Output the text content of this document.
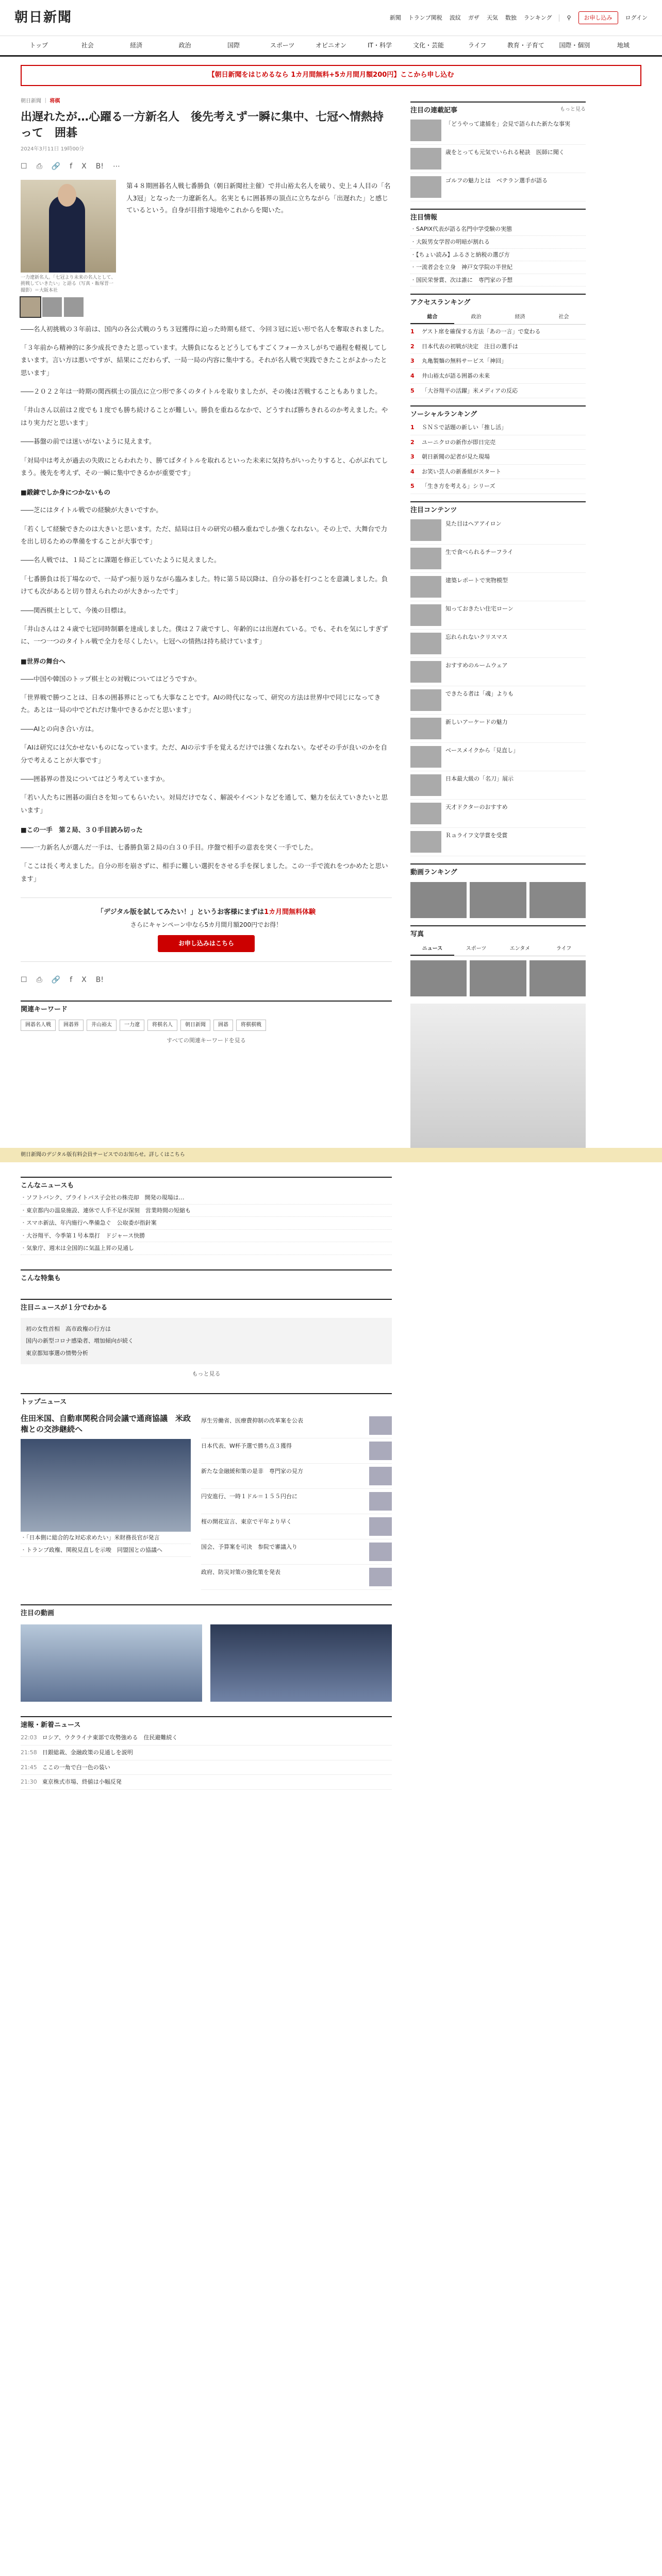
朝日新聞	新聞 トランプ関税 波紋 ガザ 天気 数独 ランキング	⚲	お申し込み	ログイン
トップ	社会	経済	政治	国際	スポーツ	オピニオン	IT・科学	文化・芸能	ライフ	教育・子育て	国際・個別	地域
【朝日新聞をはじめるなら 1カ月間無料+5カ月間月額200円】ここから申し込む
朝日新聞 ｜ 将棋
出遅れたが…心躍る一方新名人　後先考えず一瞬に集中、七冠へ情熱持って　囲碁
2024年3月11日 19時00分
☐ ⎙ 🔗 f X B! ⋯
一力遼新名人。「七冠より未来の名人として、挑戦していきたい」と語る（写真・飯塚晋一撮影）＝大阪本社
第４８期囲碁名人戦七番勝負（朝日新聞社主催）で井山裕太名人を破り、史上４人目の「名人3冠」となった一力遼新名人。名実ともに囲碁界の頂点に立ちながら「出遅れた」と感じているという。自身が目指す境地やこれからを聞いた。

――名人初挑戦の３年前は、国内の各公式戦のうち３冠獲得に迫った時期も経て、今回３冠に近い形で名人を奪取されました。

「３年前から精神的に多少成長できたと思っています。大勝負になるとどうしてもすごくフォーカスしがちで過程を軽視してしまいます。言い方は悪いですが、結果にこだわらず、一局一局の内容に集中する。それが名人戦で実践できたことがよかったと思います」

――２０２２年は一時期の関西棋士の頂点に立つ形で多くのタイトルを取りましたが、その後は苦戦することもありました。

「井山さん以前は２度でも１度でも勝ち続けることが難しい。勝負を重ねるなかで、どうすれば勝ちきれるのか考えました。やはり実力だと思います」

――碁盤の前では迷いがないように見えます。

「対局中は考えが過去の失敗にとらわれたり、勝てばタイトルを取れるといった未来に気持ちがいったりすると、心がぶれてしまう。後先を考えず、その一瞬に集中できるかが重要です」

■鍛錬でしか身につかないもの

――芝にはタイトル戦での経験が大きいですか。

「若くして経験できたのは大きいと思います。ただ、結局は日々の研究の積み重ねでしか強くなれない。その上で、大舞台で力を出し切るための準備をすることが大事です」

――名人戦では、１局ごとに課題を修正していたように見えました。

「七番勝負は長丁場なので、一局ずつ振り返りながら臨みました。特に第５局以降は、自分の碁を打つことを意識しました。負けても次があると切り替えられたのが大きかったです」

――関西棋士として、今後の目標は。

「井山さんは２４歳で七冠同時制覇を達成しました。僕は２７歳ですし、年齢的には出遅れている。でも、それを気にしすぎずに、一つ一つのタイトル戦で全力を尽くしたい。七冠への情熱は持ち続けています」

■世界の舞台へ

――中国や韓国のトップ棋士との対戦についてはどうですか。

「世界戦で勝つことは、日本の囲碁界にとっても大事なことです。AIの時代になって、研究の方法は世界中で同じになってきた。あとは一局の中でどれだけ集中できるかだと思います」

――AIとの向き合い方は。

「AIは研究には欠かせないものになっています。ただ、AIの示す手を覚えるだけでは強くなれない。なぜその手が良いのかを自分で考えることが大事です」

――囲碁界の普及についてはどう考えていますか。

「若い人たちに囲碁の面白さを知ってもらいたい。対局だけでなく、解説やイベントなどを通して、魅力を伝えていきたいと思います」

■この一手　第２局、３０手目読み切った

――一力新名人が選んだ一手は、七番勝負第２局の白３０手目。序盤で相手の意表を突く一手でした。

「ここは長く考えました。自分の形を崩さずに、相手に難しい選択をさせる手を探しました。この一手で流れをつかめたと思います」

「デジタル版を試してみたい！」というお客様にまずは1カ月間無料体験
さらにキャンペーン中なら5カ月間月額200円でお得！
お申し込みはこちら
☐ ⎙ 🔗 f X B!
関連キーワード
囲碁名人戦	囲碁界	井山裕太	一力遼	将棋名人	朝日新聞	囲碁	将棋棋戦
すべての関連キーワードを見る
注目の連載記事	もっと見る
「どうやって逮捕を」会見で語られた新たな事実
歳をとっても元気でいられる秘訣　医師に聞く
ゴルフの魅力とは　ベテラン選手が語る
注目情報
・ SAPIX代表が語る名門中学受験の実態
・ 大阪男女学習の明暗が割れる
・ 【ちょい読み】ふるさと納税の選び方
・ 一流者会を立身　神戸女学院の半世紀
・ 国民栄誉賞、次は誰に　専門家の予想
アクセスランキング
総合	政治	経済	社会
1	ゲスト席を確保する方法「あの一言」で変わる
2	日本代表の初戦が決定　注目の選手は
3	丸亀製麺の無料サービス「神回」
4	井山裕太が語る囲碁の未来
5	「大谷翔平の活躍」米メディアの反応
ソーシャルランキング
1	ＳＮＳで話題の新しい「推し活」
2	ユーニクロの新作が即日完売
3	朝日新聞の記者が見た現場
4	お笑い芸人の新番組がスタート
5	「生き方を考える」シリーズ
注目コンテンツ
見た目はヘアアイロン
生で食べられるチーフライ
建築レポートで実物模型
知っておきたい住宅ローン
忘れられないクリスマス
おすすめのルームウェア
できたる者は「魂」よりも
新しいアーケードの魅力
ベースメイクから「見直し」
日本最大級の「名刀」展示
天才ドクターのおすすめ
Ｒａライフ文学賞を受賞
動画ランキング
写真
ニュース	スポーツ	エンタメ	ライフ
朝日新聞のデジタル版有料会員サービスでのお知らせ。詳しくはこちら
こんなニュースも
・ ソフトバンク、ブライトパス子会社の株売却　開発の現場は…
・ 東京都内の温泉施設、連休で人手不足が深刻　営業時間の短縮も
・ スマホ新法、年内施行へ準備急ぐ　公取委が指針案
・ 大谷翔平、今季第１号本塁打　ドジャース快勝
・ 気象庁、週末は全国的に気温上昇の見通し
こんな特集も
注目ニュースが１分でわかる
初の女性首相　高市政権の行方は
国内の新型コロナ感染者、増加傾向が続く
東京都知事選の情勢分析
もっと見る
トップニュース
住田米国、自動車関税合同会議で通商協議　米政権との交渉継続へ
・ 「日本側に総合的な対応求めたい」米財務長官が発言
・ トランプ政権、関税見直しを示唆　同盟国との協議へ
厚生労働省、医療費抑制の改革案を公表
日本代表、W杯予選で勝ち点３獲得
新たな金融緩和策の是非　専門家の見方
円安進行、一時１ドル＝１５５円台に
桜の開花宣言、東京で平年より早く
国会、予算案を可決　参院で審議入り
政府、防災対策の強化策を発表
注目の動画
速報・新着ニュース
22:03 ロシア、ウクライナ東部で攻勢強める　住民避難続く
21:58 日銀総裁、金融政策の見通しを説明
21:45 ここの一角で白一色の装い
21:30 東京株式市場、終値は小幅反発
